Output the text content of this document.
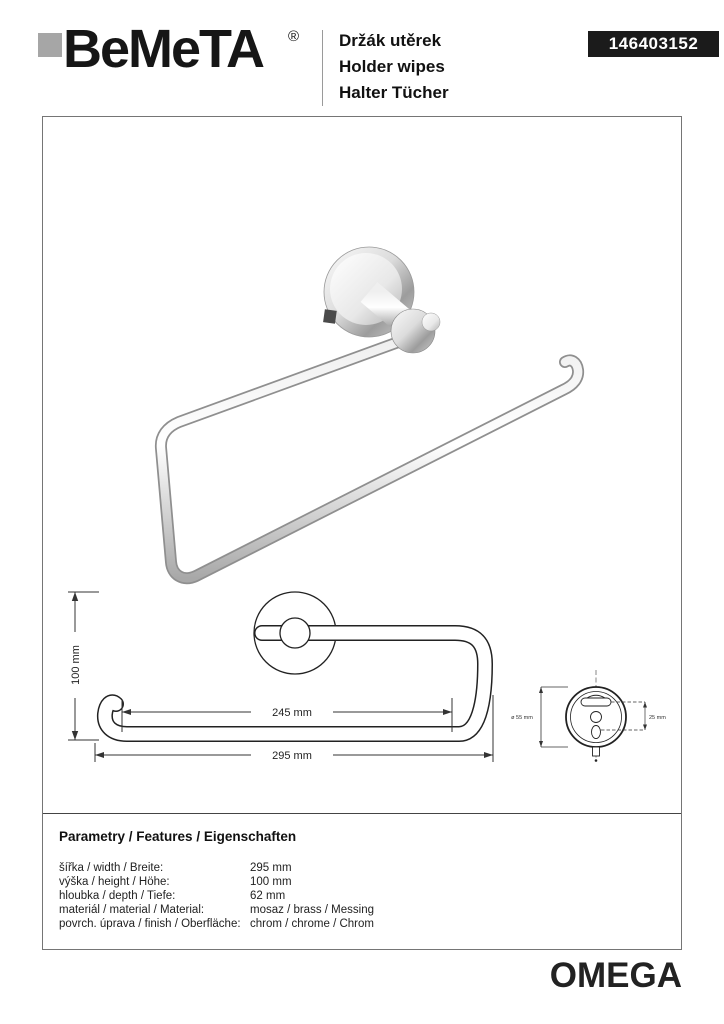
BeMeTA ® Držák utěrek
Holder wipes
Halter Tücher
146403152
100 mm
245 mm
295 mm
ø 55 mm	25 mm
Parametry / Features / Eigenschaften
šířka / width / Breite:	295 mm
výška / height / Höhe:	100 mm
hloubka / depth / Tiefe:	62 mm
materiál / material / Material:	mosaz / brass / Messing
povrch. úprava / finish / Oberfläche: chrom / chrome / Chrom
OMEGA
